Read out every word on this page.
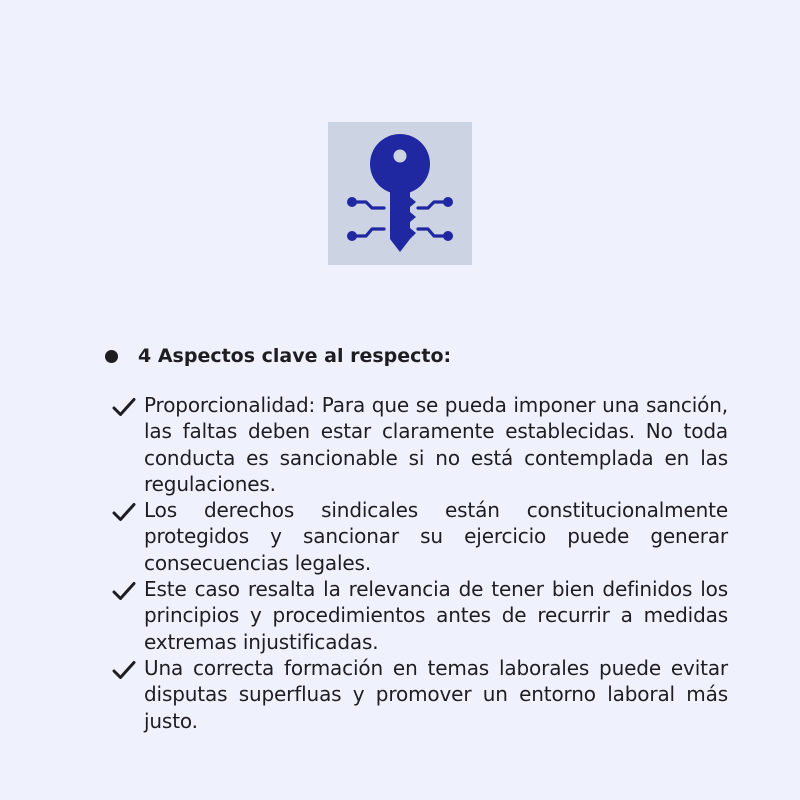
4 Aspectos clave al respecto:
Proporcionalidad: Para que se pueda imponer una sanción, las faltas deben estar claramente establecidas. No toda conducta es sancionable si no está contemplada en las regulaciones.
Los derechos sindicales están constitucionalmente protegidos y sancionar su ejercicio puede generar consecuencias legales.
Este caso resalta la relevancia de tener bien definidos los principios y procedimientos antes de recurrir a medidas extremas injustificadas.
Una correcta formación en temas laborales puede evitar disputas superfluas y promover un entorno laboral más justo.
